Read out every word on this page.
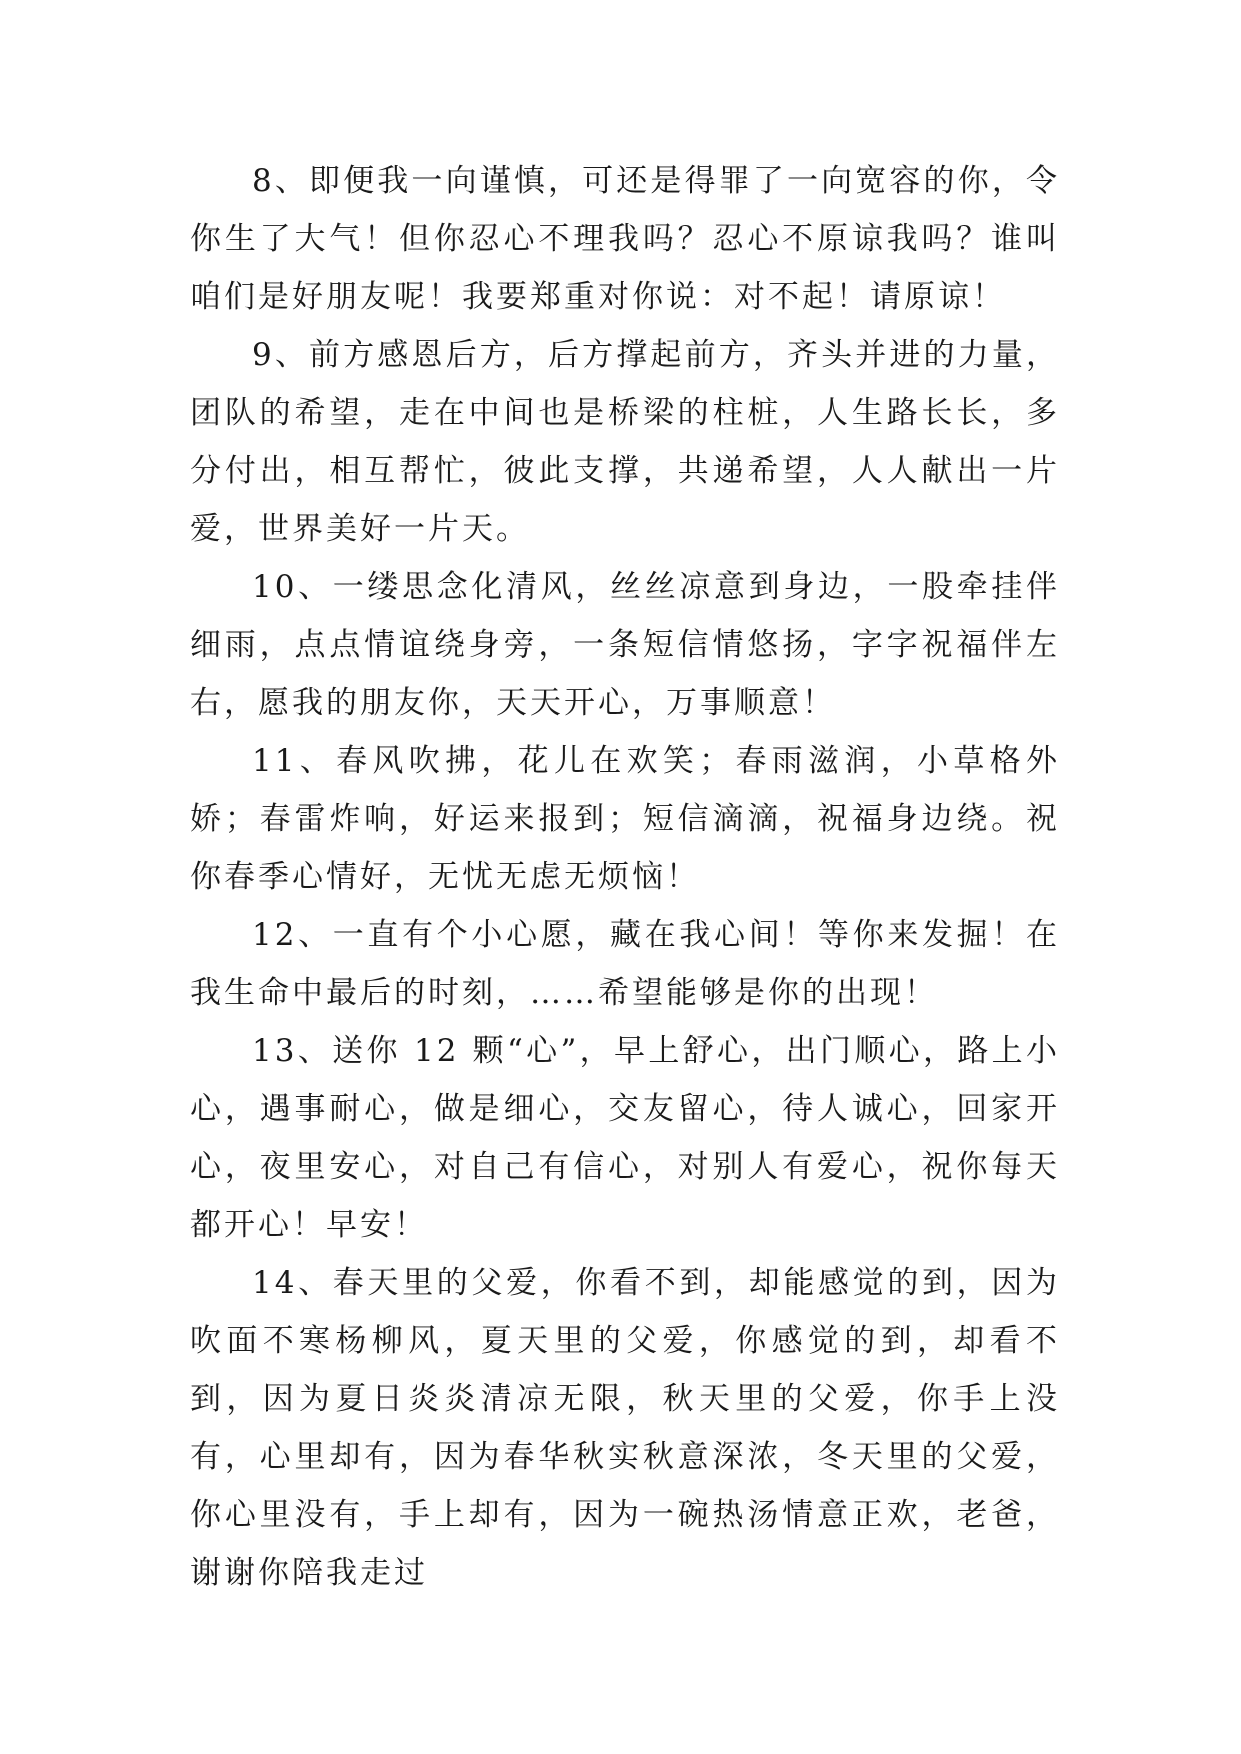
8、即便我一向谨慎，可还是得罪了一向宽容的你，令你生了大气！但你忍心不理我吗？忍心不原谅我吗？谁叫咱们是好朋友呢！我要郑重对你说：对不起！请原谅！

9、前方感恩后方，后方撑起前方，齐头并进的力量，团队的希望，走在中间也是桥梁的柱桩，人生路长长，多分付出，相互帮忙，彼此支撑，共递希望，人人献出一片爱，世界美好一片天。

10、一缕思念化清风，丝丝凉意到身边，一股牵挂伴细雨，点点情谊绕身旁，一条短信情悠扬，字字祝福伴左右，愿我的朋友你，天天开心，万事顺意！

11、春风吹拂，花儿在欢笑；春雨滋润，小草格外娇；春雷炸响，好运来报到；短信滴滴，祝福身边绕。祝你春季心情好，无忧无虑无烦恼！

12、一直有个小心愿，藏在我心间！等你来发掘！在我生命中最后的时刻，……希望能够是你的出现！

13、送你 12 颗“心”，早上舒心，出门顺心，路上小心，遇事耐心，做是细心，交友留心，待人诚心，回家开心，夜里安心，对自己有信心，对别人有爱心，祝你每天都开心！早安！

14、春天里的父爱，你看不到，却能感觉的到，因为吹面不寒杨柳风，夏天里的父爱，你感觉的到，却看不到，因为夏日炎炎清凉无限，秋天里的父爱，你手上没有，心里却有，因为春华秋实秋意深浓，冬天里的父爱，你心里没有，手上却有，因为一碗热汤情意正欢，老爸，谢谢你陪我走过
